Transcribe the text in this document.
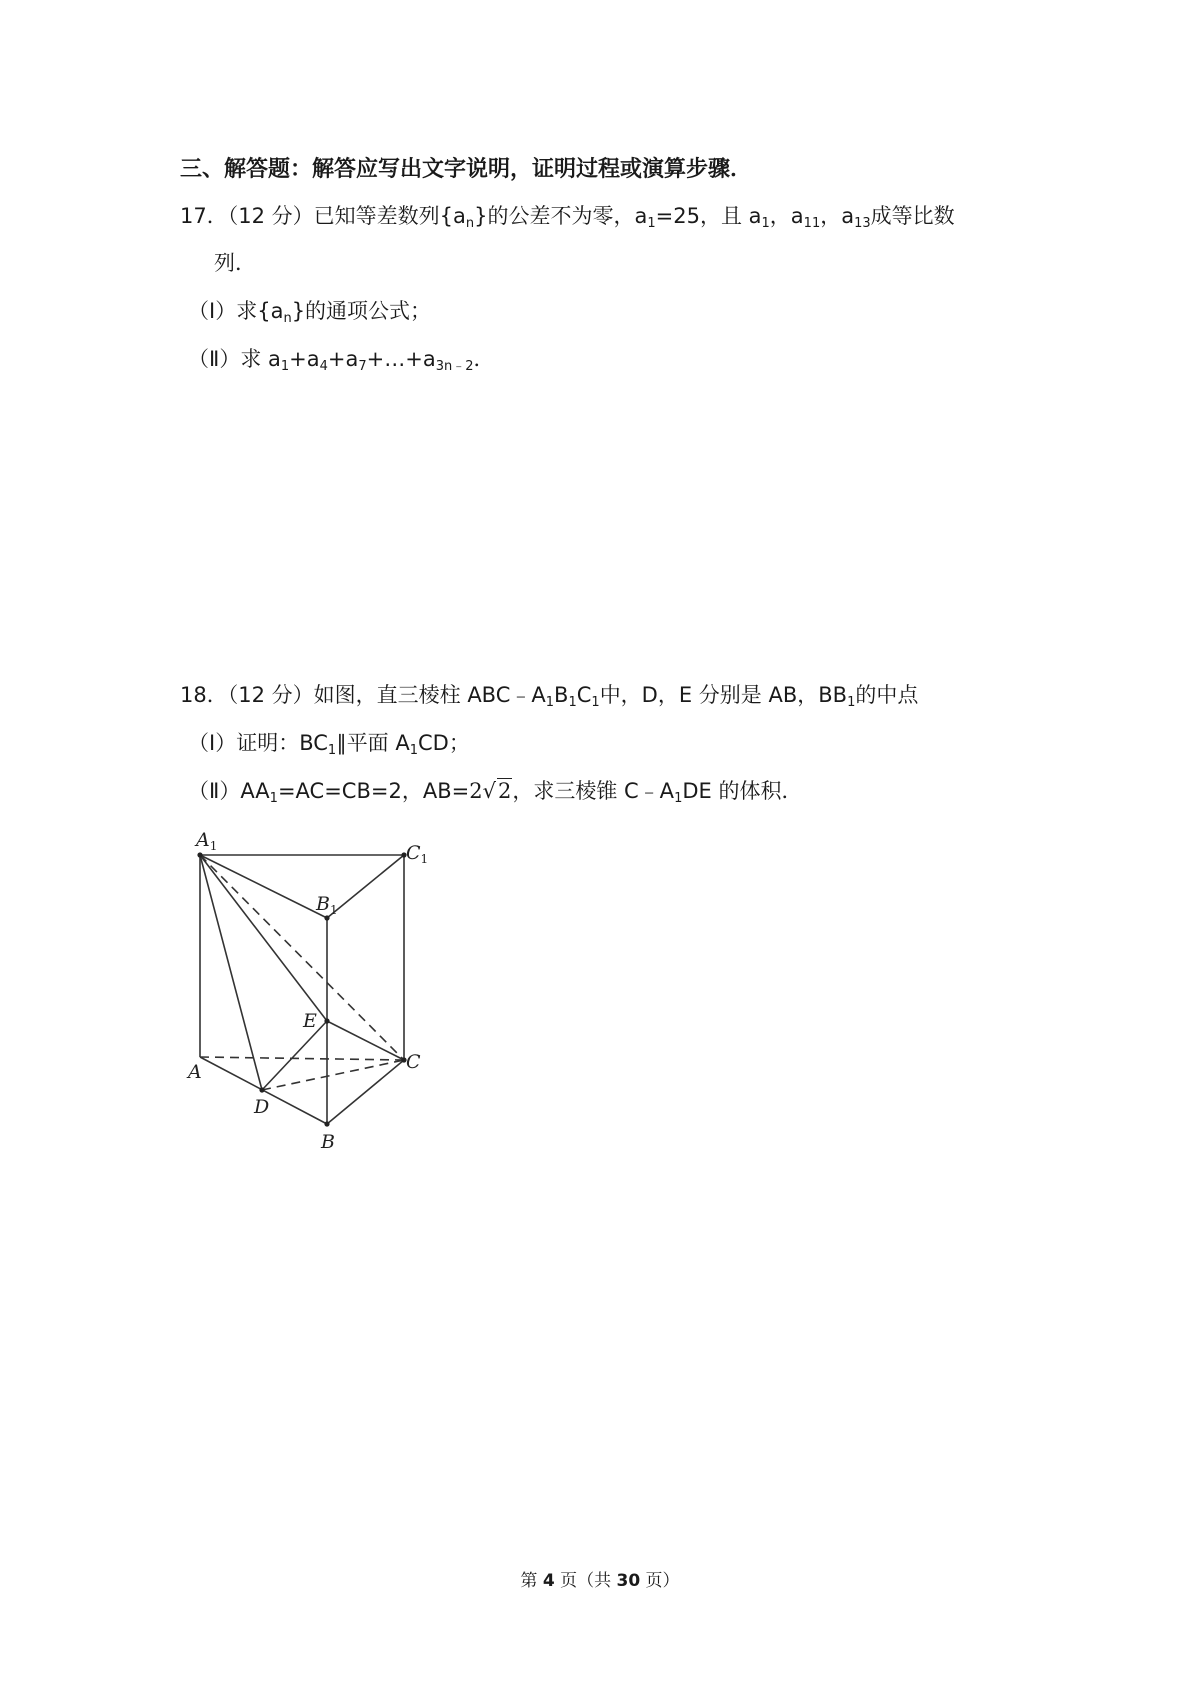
三、解答题：解答应写出文字说明，证明过程或演算步骤．
17．（12 分）已知等差数列$\{a_n\}$的公差不为零，$a_1=25$，且 $a_1$，$a_{11}$，$a_{13}$成等比数
列．
（Ⅰ）求$\{a_n\}$的通项公式；
（Ⅱ）求 $a_1+a_4+a_7+\dots+a_{3n﹣2}$．
18．（12 分）如图，直三棱柱 $ABC﹣A_1B_1C_1$中，D，E 分别是 AB，$BB_1$的中点
（Ⅰ）证明：$BC_1\parallel$平面 $A_1CD$；
$(Ⅱ)AA_1=AC=CB=2$，AB=2√2，求三棱锥 $C﹣A_1DE$ 的体积．
$A_1$	$C_1$
$B_1$
E
C
A
D
B
第 4 页（共 30 页）
